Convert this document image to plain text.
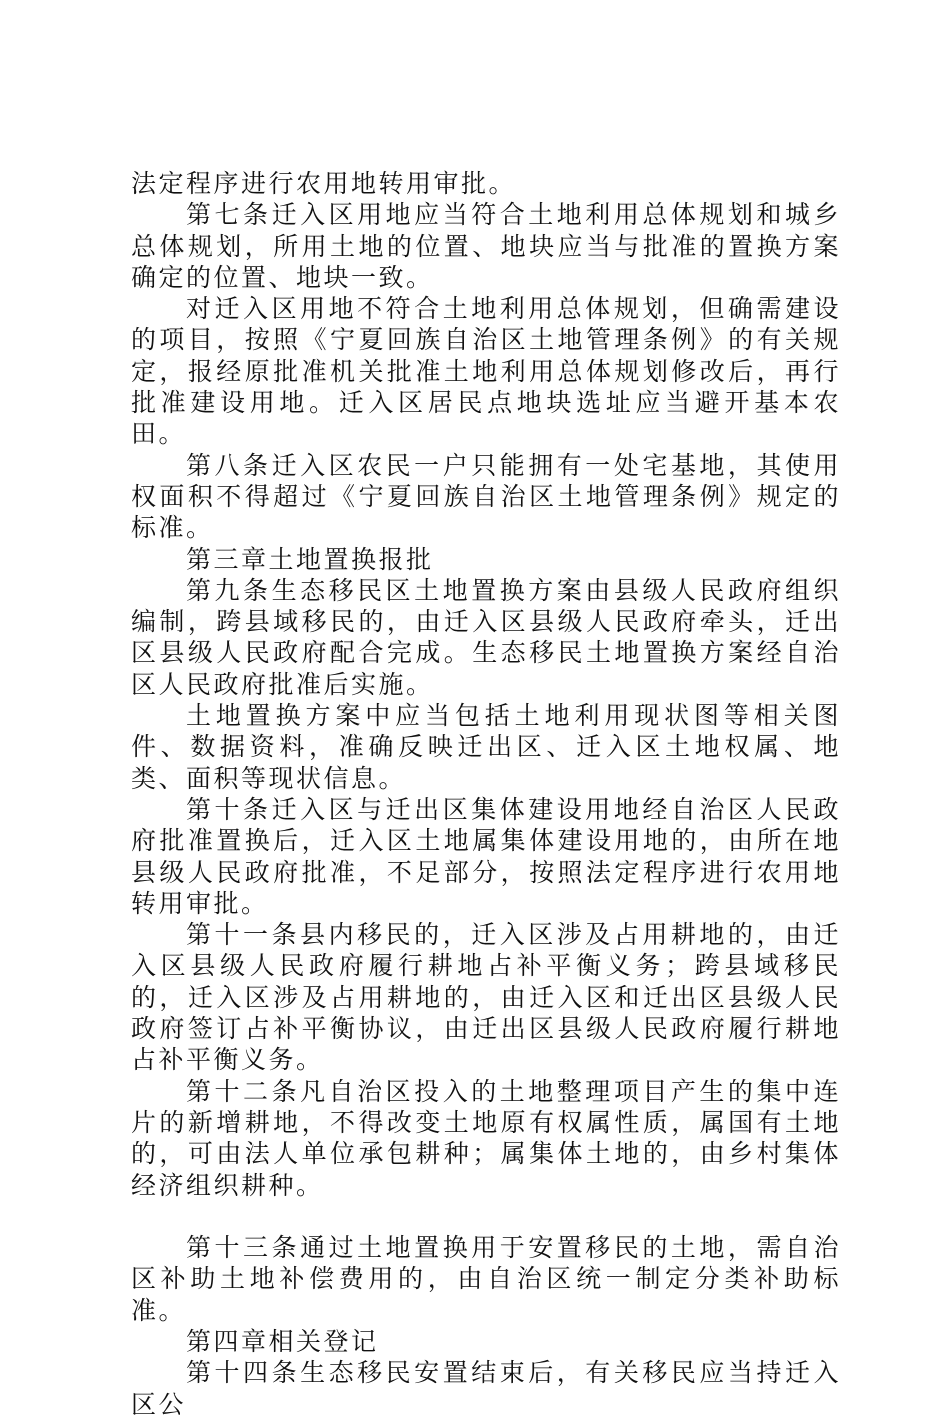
法定程序进行农用地转用审批。

第七条迁入区用地应当符合土地利用总体规划和城乡总体规划，所用土地的位置、地块应当与批准的置换方案确定的位置、地块一致。

对迁入区用地不符合土地利用总体规划，但确需建设的项目，按照《宁夏回族自治区土地管理条例》的有关规定，报经原批准机关批准土地利用总体规划修改后，再行批准建设用地。迁入区居民点地块选址应当避开基本农田。

第八条迁入区农民一户只能拥有一处宅基地，其使用权面积不得超过《宁夏回族自治区土地管理条例》规定的标准。

第三章土地置换报批

第九条生态移民区土地置换方案由县级人民政府组织编制，跨县域移民的，由迁入区县级人民政府牵头，迁出区县级人民政府配合完成。生态移民土地置换方案经自治区人民政府批准后实施。

土地置换方案中应当包括土地利用现状图等相关图件、数据资料，准确反映迁出区、迁入区土地权属、地类、面积等现状信息。

第十条迁入区与迁出区集体建设用地经自治区人民政府批准置换后，迁入区土地属集体建设用地的，由所在地县级人民政府批准，不足部分，按照法定程序进行农用地转用审批。

第十一条县内移民的，迁入区涉及占用耕地的，由迁入区县级人民政府履行耕地占补平衡义务；跨县域移民的，迁入区涉及占用耕地的，由迁入区和迁出区县级人民政府签订占补平衡协议，由迁出区县级人民政府履行耕地占补平衡义务。

第十二条凡自治区投入的土地整理项目产生的集中连片的新增耕地，不得改变土地原有权属性质，属国有土地的，可由法人单位承包耕种；属集体土地的，由乡村集体经济组织耕种。

第十三条通过土地置换用于安置移民的土地，需自治区补助土地补偿费用的，由自治区统一制定分类补助标准。

第四章相关登记

第十四条生态移民安置结束后，有关移民应当持迁入区公
